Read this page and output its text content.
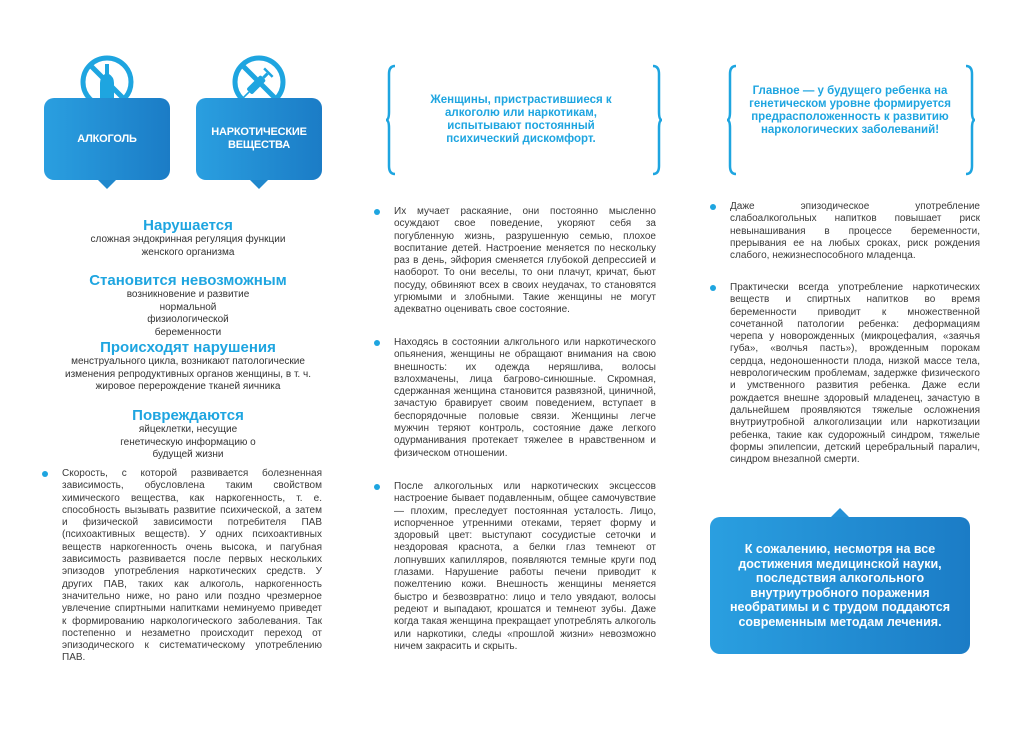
АЛКОГОЛЬ
НАРКОТИЧЕСКИЕ ВЕЩЕСТВА
Нарушается
сложная эндокринная регуляция функции женского организма
Становится невозможным
возникновение и развитие нормальной физиологической беременности
Происходят нарушения
менструального цикла, возникают патологические изменения репродуктивных органов женщины, в т. ч. жировое перерождение тканей яичника
Повреждаются
яйцеклетки, несущие генетическую информацию о будущей жизни
Скорость, с которой развивается болезненная зависимость, обусловлена таким свойством химического вещества, как наркогенность, т. е. способность вызывать развитие психической, а затем и физической зависимости потребителя ПАВ (психоактивных веществ). У одних психоактивных веществ наркогенность очень высока, и пагубная зависимость развивается после первых нескольких эпизодов употребления наркотических средств. У других ПАВ, таких как алкоголь, наркогенность значительно ниже, но рано или поздно чрезмерное увлечение спиртными напитками неминуемо приведет к формированию наркологического заболевания. Так постепенно и незаметно происходит переход от эпизодического к систематическому употреблению ПАВ.
Женщины, пристрастившиеся к алкоголю или наркотикам, испытывают постоянный психический дискомфорт.
Их мучает раскаяние, они постоянно мысленно осуждают свое поведение, укоряют себя за погубленную жизнь, разрушенную семью, плохое воспитание детей. Настроение меняется по нескольку раз в день, эйфория сменяется глубокой депрессией и наоборот. То они веселы, то они плачут, кричат, бьют посуду, обвиняют всех в своих неудачах, то становятся угрюмыми и злобными. Такие женщины не могут адекватно оценивать свое состояние.
Находясь в состоянии алкгольного или наркотического опьянения, женщины не обращают внимания на свою внешность: их одежда неряшлива, волосы взлохмачены, лица багрово-синюшные. Скромная, сдержанная женщина становится развязной, циничной, зачастую бравирует своим поведением, вступает в беспорядочные половые связи. Женщины легче мужчин теряют контроль, состояние даже легкого одурманивания протекает тяжелее в нравственном и физическом отношении.
После алкогольных или наркотических эксцессов настроение бывает подавленным, общее самочувствие — плохим, преследует постоянная усталость. Лицо, испорченное утренними отеками, теряет форму и здоровый цвет: выступают сосудистые сеточки и нездоровая краснота, а белки глаз темнеют от лопнувших капилляров, появляются темные круги под глазами. Нарушение работы печени приводит к пожелтению кожи. Внешность женщины меняется быстро и безвозвратно: лицо и тело увядают, волосы редеют и выпадают, крошатся и темнеют зубы. Даже когда такая женщина прекращает употреблять алкоголь или наркотики, следы «прошлой жизни» невозможно ничем закрасить и скрыть.
Главное — у будущего ребенка на генетическом уровне формируется предрасположенность к развитию наркологических заболеваний!
Даже эпизодическое употребление слабоалкогольных напитков повышает риск невынашивания в процессе беременности, прерывания ее на любых сроках, риск рождения слабого, нежизнеспособного младенца.
Практически всегда употребление наркотических веществ и спиртных напитков во время беременности приводит к множественной сочетанной патологии ребенка: деформациям черепа у новорожденных (микроцефалия, «заячья губа», «волчья пасть»), врожденным порокам сердца, недоношенности плода, низкой массе тела, неврологическим проблемам, задержке физического и умственного развития ребенка. Даже если рождается внешне здоровый младенец, зачастую в дальнейшем проявляются тяжелые осложнения внутриутробной алкоголизации или наркотизации ребенка, такие как судорожный синдром, тяжелые формы эпилепсии, детский церебральный паралич, синдром внезапной смерти.
К сожалению, несмотря на все достижения медицинской науки, последствия алкогольного внутриутробного поражения необратимы и с трудом поддаются современным методам лечения.
